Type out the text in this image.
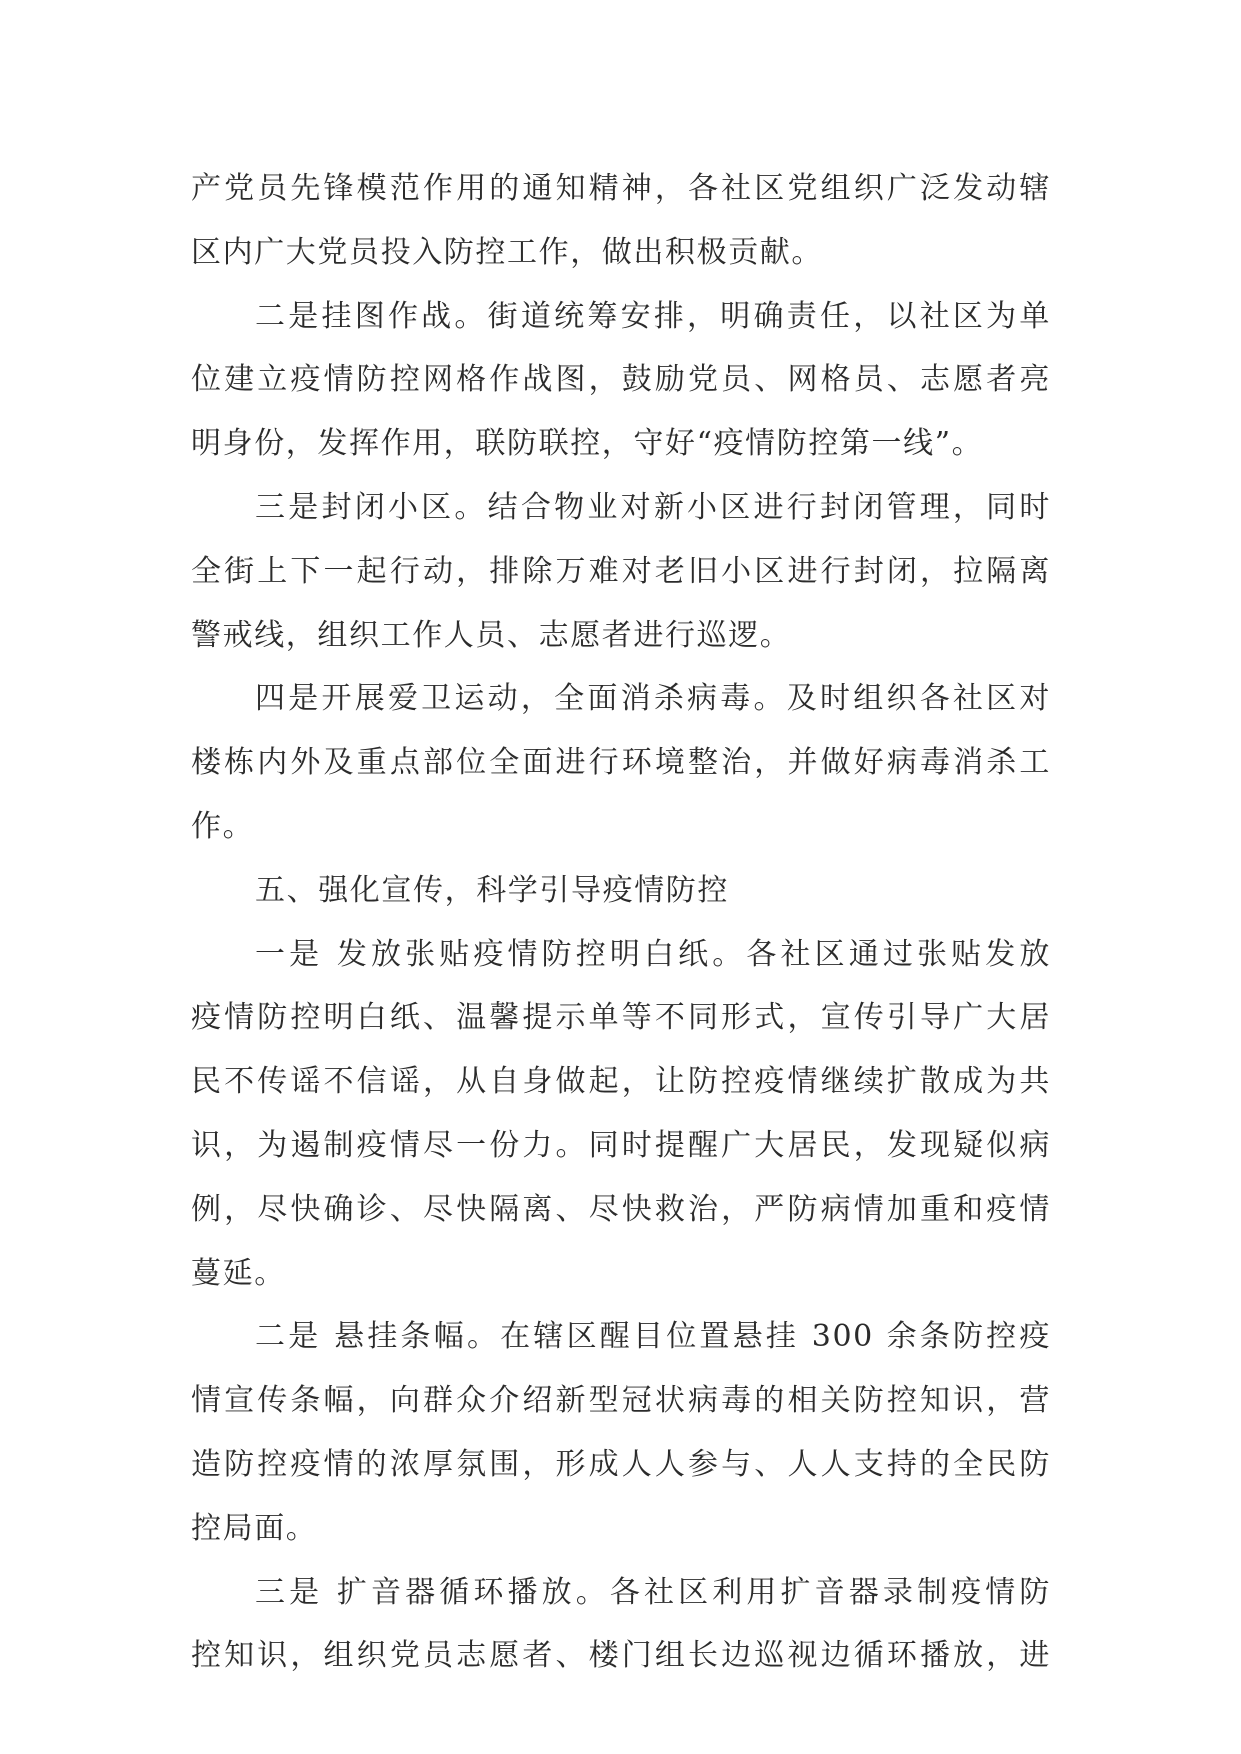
产党员先锋模范作用的通知精神，各社区党组织广泛发动辖
区内广大党员投入防控工作，做出积极贡献。
二是挂图作战。街道统筹安排，明确责任，以社区为单
位建立疫情防控网格作战图，鼓励党员、网格员、志愿者亮
明身份，发挥作用，联防联控，守好“疫情防控第一线”。
三是封闭小区。结合物业对新小区进行封闭管理，同时
全街上下一起行动，排除万难对老旧小区进行封闭，拉隔离
警戒线，组织工作人员、志愿者进行巡逻。
四是开展爱卫运动，全面消杀病毒。及时组织各社区对
楼栋内外及重点部位全面进行环境整治，并做好病毒消杀工
作。
五、强化宣传，科学引导疫情防控
一是 发放张贴疫情防控明白纸。各社区通过张贴发放
疫情防控明白纸、温馨提示单等不同形式，宣传引导广大居
民不传谣不信谣，从自身做起，让防控疫情继续扩散成为共
识，为遏制疫情尽一份力。同时提醒广大居民，发现疑似病
例，尽快确诊、尽快隔离、尽快救治，严防病情加重和疫情
蔓延。
二是 悬挂条幅。在辖区醒目位置悬挂 300 余条防控疫
情宣传条幅，向群众介绍新型冠状病毒的相关防控知识，营
造防控疫情的浓厚氛围，形成人人参与、人人支持的全民防
控局面。
三是 扩音器循环播放。各社区利用扩音器录制疫情防
控知识，组织党员志愿者、楼门组长边巡视边循环播放，进
